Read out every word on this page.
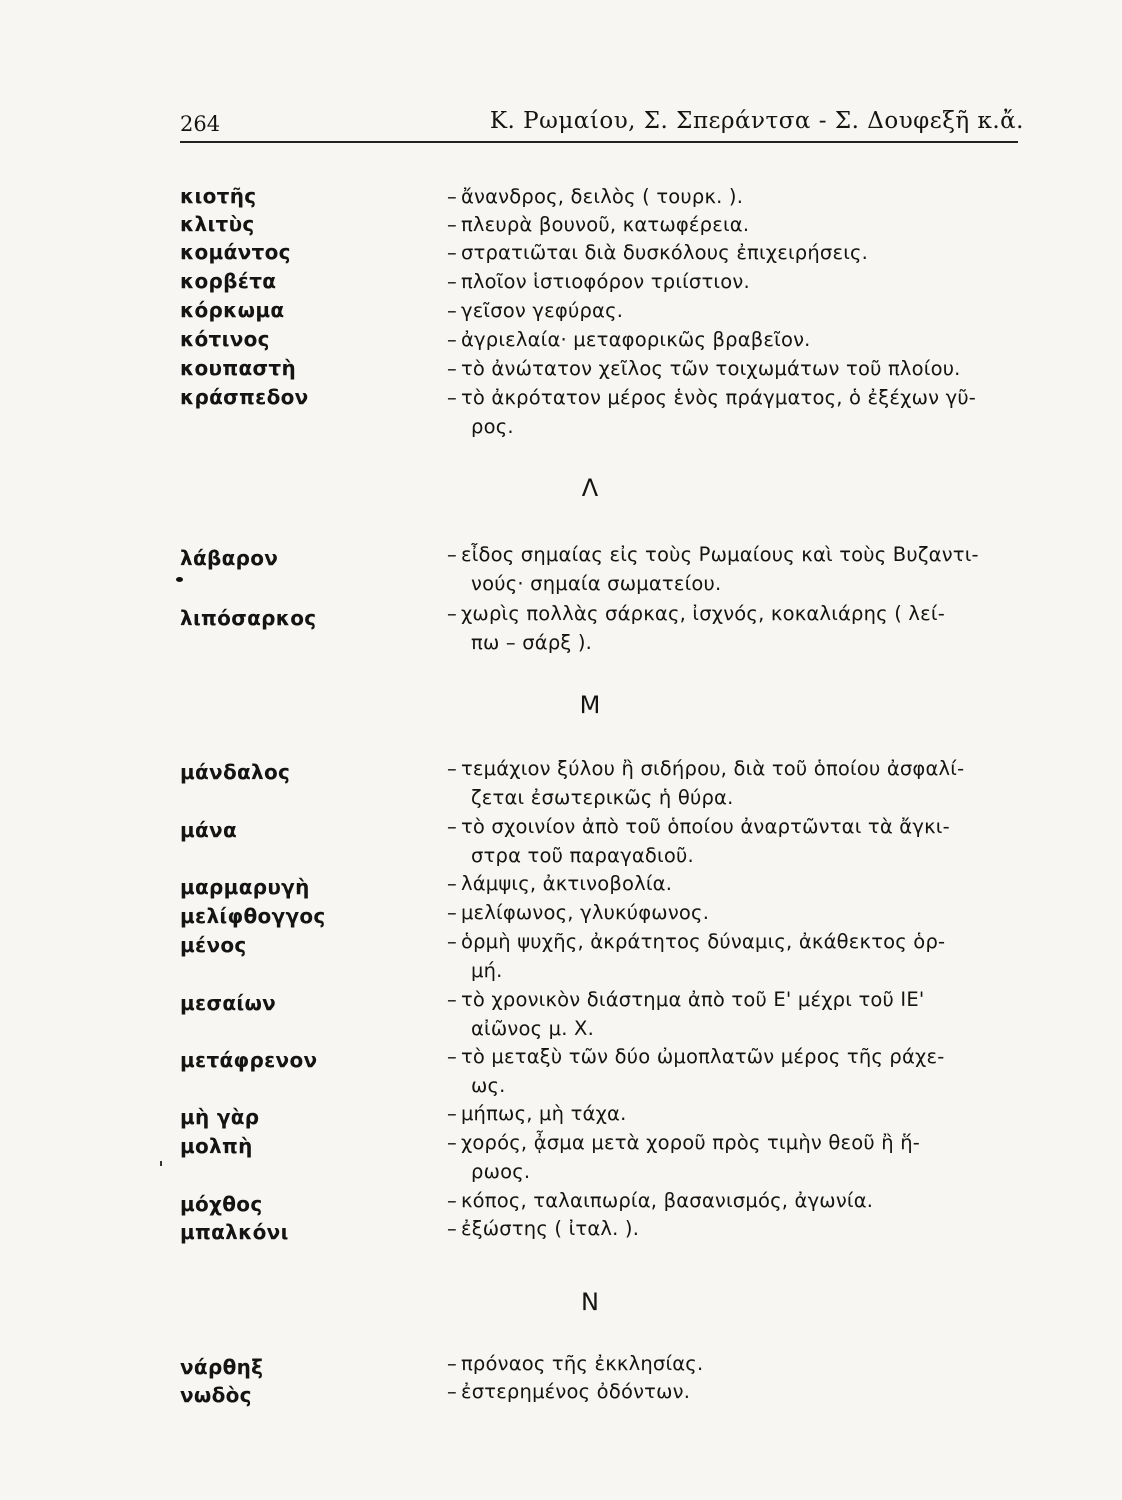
264	Κ. Ρωμαίου, Σ. Σπεράντσα - Σ. Δουφεξῆ κ.ἄ.
κιοτῆς	– ἄνανδρος, δειλὸς ( τουρκ. ).
κλιτὺς	– πλευρὰ βουνοῦ, κατωφέρεια.
κομάντος	– στρατιῶται διὰ δυσκόλους ἐπιχειρήσεις.
κορβέτα	– πλοῖον ἱστιοφόρον τριίστιον.
κόρκωμα	– γεῖσον γεφύρας.
κότινος	– ἀγριελαία· μεταφορικῶς βραβεῖον.
κουπαστὴ	– τὸ ἀνώτατον χεῖλος τῶν τοιχωμάτων τοῦ πλοίου.
κράσπεδον	– τὸ ἀκρότατον μέρος ἑνὸς πράγματος, ὁ ἐξέχων γῦ-
ρος.
Λ
λάβαρον	– εἶδος σημαίας εἰς τοὺς Ρωμαίους καὶ τοὺς Βυζαντι-
νούς· σημαία σωματείου.
λιπόσαρκος	– χωρὶς πολλὰς σάρκας, ἰσχνός, κοκαλιάρης ( λεί-
πω – σάρξ ).
Μ
μάνδαλος	– τεμάχιον ξύλου ἢ σιδήρου, διὰ τοῦ ὁποίου ἀσφαλί-
ζεται ἐσωτερικῶς ἡ θύρα.
μάνα	– τὸ σχοινίον ἀπὸ τοῦ ὁποίου ἀναρτῶνται τὰ ἄγκι-
στρα τοῦ παραγαδιοῦ.
μαρμαρυγὴ	– λάμψις, ἀκτινοβολία.
μελίφθογγος	– μελίφωνος, γλυκύφωνος.
μένος	– ὁρμὴ ψυχῆς, ἀκράτητος δύναμις, ἀκάθεκτος ὁρ-
μή.
μεσαίων	– τὸ χρονικὸν διάστημα ἀπὸ τοῦ Ε' μέχρι τοῦ ΙΕ'
αἰῶνος μ. Χ.
μετάφρενον	– τὸ μεταξὺ τῶν δύο ὠμοπλατῶν μέρος τῆς ράχε-
ως.
μὴ γὰρ	– μήπως, μὴ τάχα.
μολπὴ	– χορός, ᾆσμα μετὰ χοροῦ πρὸς τιμὴν θεοῦ ἢ ἥ-
ρωος.
μόχθος	– κόπος, ταλαιπωρία, βασανισμός, ἀγωνία.
μπαλκόνι	– ἐξώστης ( ἰταλ. ).
Ν
νάρθηξ	– πρόναος τῆς ἐκκλησίας.
νωδὸς	– ἐστερημένος ὀδόντων.
